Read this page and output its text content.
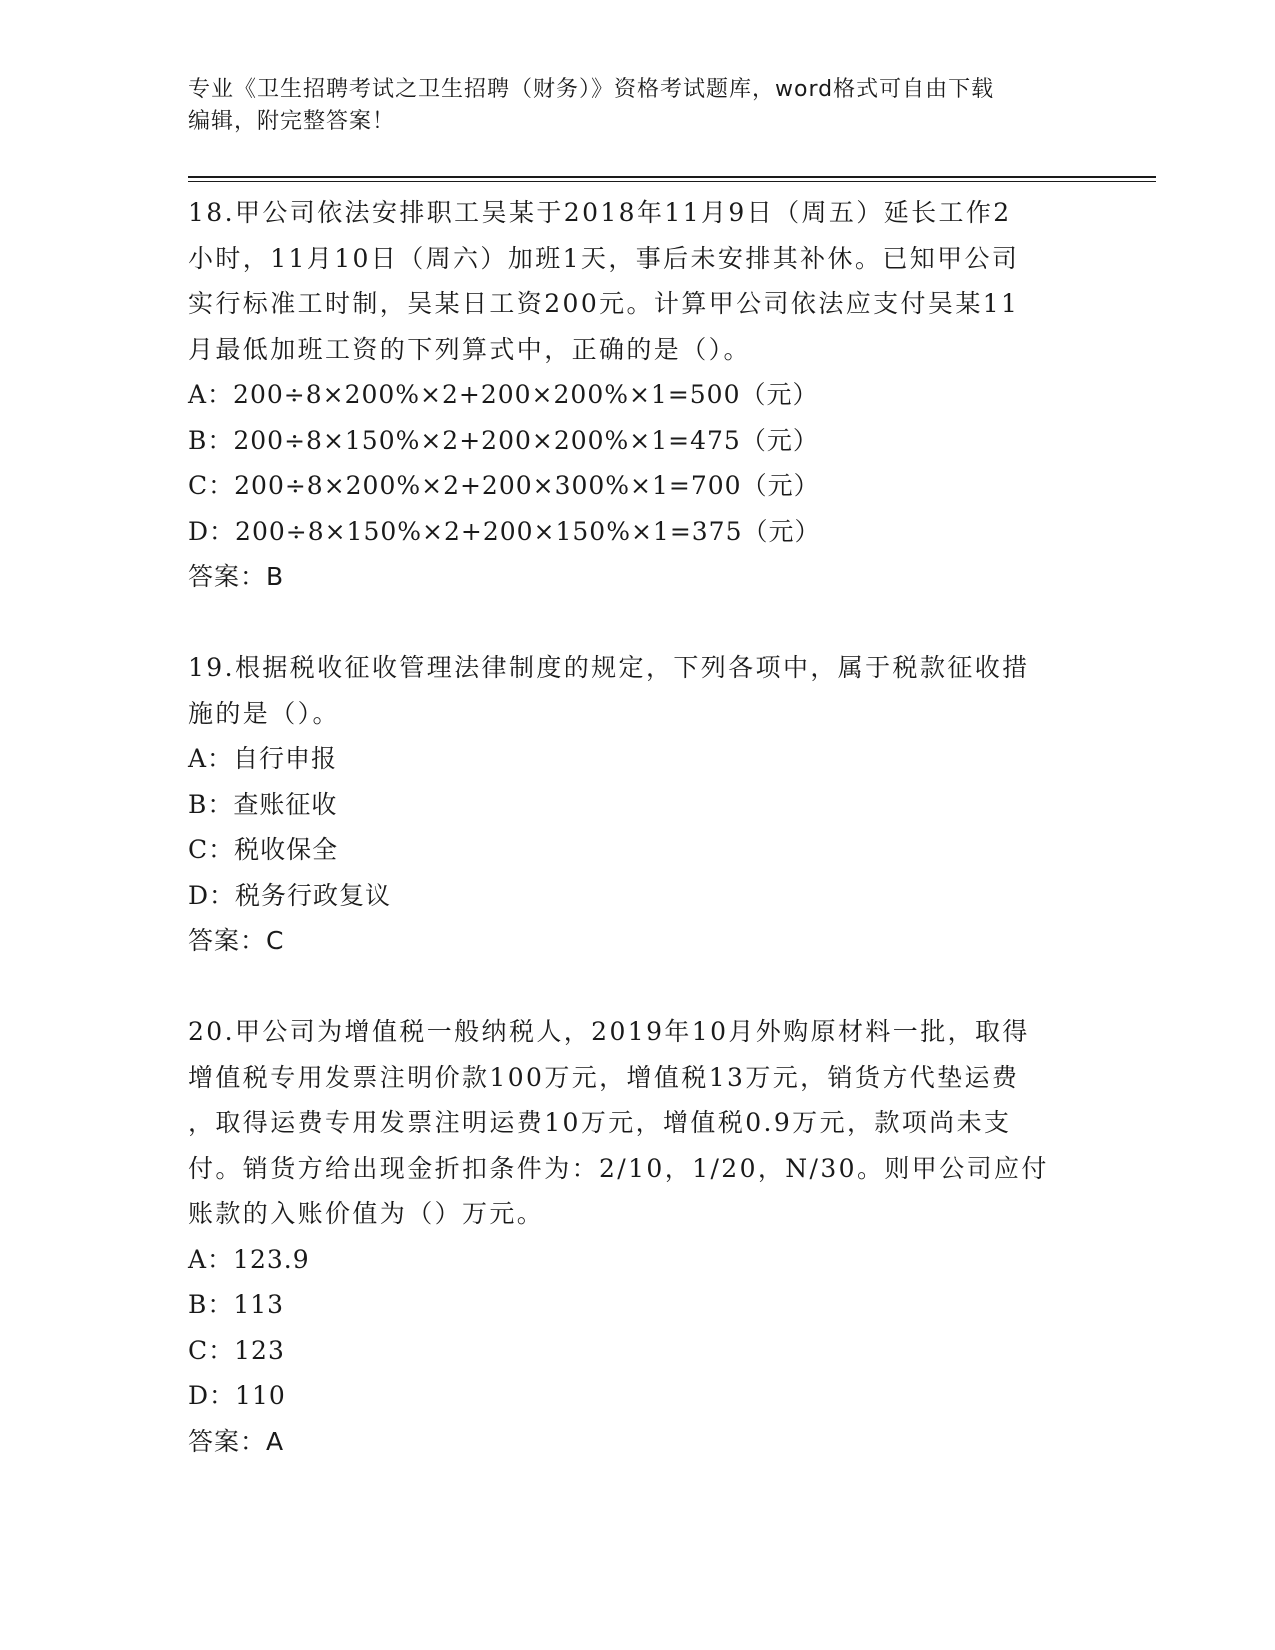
专业《卫生招聘考试之卫生招聘（财务）》资格考试题库，word格式可自由下载
编辑，附完整答案！
18.甲公司依法安排职工吴某于2018年11月9日（周五）延长工作2
小时，11月10日（周六）加班1天，事后未安排其补休。已知甲公司
实行标准工时制，吴某日工资200元。计算甲公司依法应支付吴某11
月最低加班工资的下列算式中，正确的是（）。
A：200÷8×200%×2+200×200%×1=500（元）
B：200÷8×150%×2+200×200%×1=475（元）
C：200÷8×200%×2+200×300%×1=700（元）
D：200÷8×150%×2+200×150%×1=375（元）
答案：B
19.根据税收征收管理法律制度的规定，下列各项中，属于税款征收措
施的是（）。
A：自行申报
B：查账征收
C：税收保全
D：税务行政复议
答案：C
20.甲公司为增值税一般纳税人，2019年10月外购原材料一批，取得
增值税专用发票注明价款100万元，增值税13万元，销货方代垫运费
，取得运费专用发票注明运费10万元，增值税0.9万元，款项尚未支
付。销货方给出现金折扣条件为：2/10，1/20，N/30。则甲公司应付
账款的入账价值为（）万元。
A：123.9
B：113
C：123
D：110
答案：A
